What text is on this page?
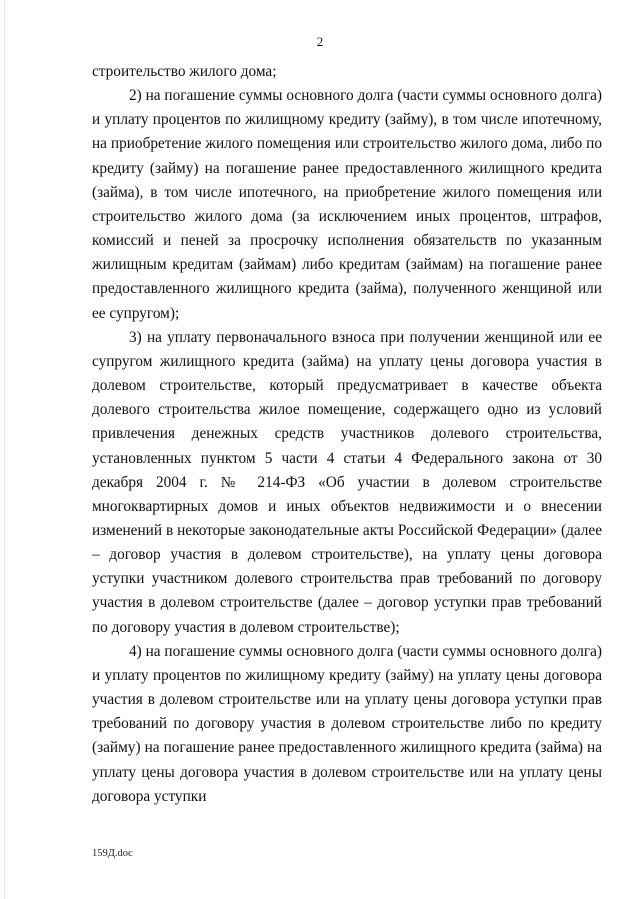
2

строительство жилого дома;

2) на погашение суммы основного долга (части суммы основного долга) и уплату процентов по жилищному кредиту (займу), в том числе ипотечному, на приобретение жилого помещения или строительство жилого дома, либо по кредиту (займу) на погашение ранее предоставленного жилищного кредита (займа), в том числе ипотечного, на приобретение жилого помещения или строительство жилого дома (за исключением иных процентов, штрафов, комиссий и пеней за просрочку исполнения обязательств по указанным жилищным кредитам (займам) либо кредитам (займам) на погашение ранее предоставленного жилищного кредита (займа), полученного женщиной или ее супругом);

3) на уплату первоначального взноса при получении женщиной или ее супругом жилищного кредита (займа) на уплату цены договора участия в долевом строительстве, который предусматривает в качестве объекта долевого строительства жилое помещение, содержащего одно из условий привлечения денежных средств участников долевого строительства, установленных пунктом 5 части 4 статьи 4 Федерального закона от 30 декабря 2004 г. № 214-ФЗ «Об участии в долевом строительстве многоквартирных домов и иных объектов недвижимости и о внесении изменений в некоторые законодательные акты Российской Федерации» (далее – договор участия в долевом строительстве), на уплату цены договора уступки участником долевого строительства прав требований по договору участия в долевом строительстве (далее – договор уступки прав требований по договору участия в долевом строительстве);

4) на погашение суммы основного долга (части суммы основного долга) и уплату процентов по жилищному кредиту (займу) на уплату цены договора участия в долевом строительстве или на уплату цены договора уступки прав требований по договору участия в долевом строительстве либо по кредиту (займу) на погашение ранее предоставленного жилищного кредита (займа) на уплату цены договора участия в долевом строительстве или на уплату цены договора уступки

159Д.doc
